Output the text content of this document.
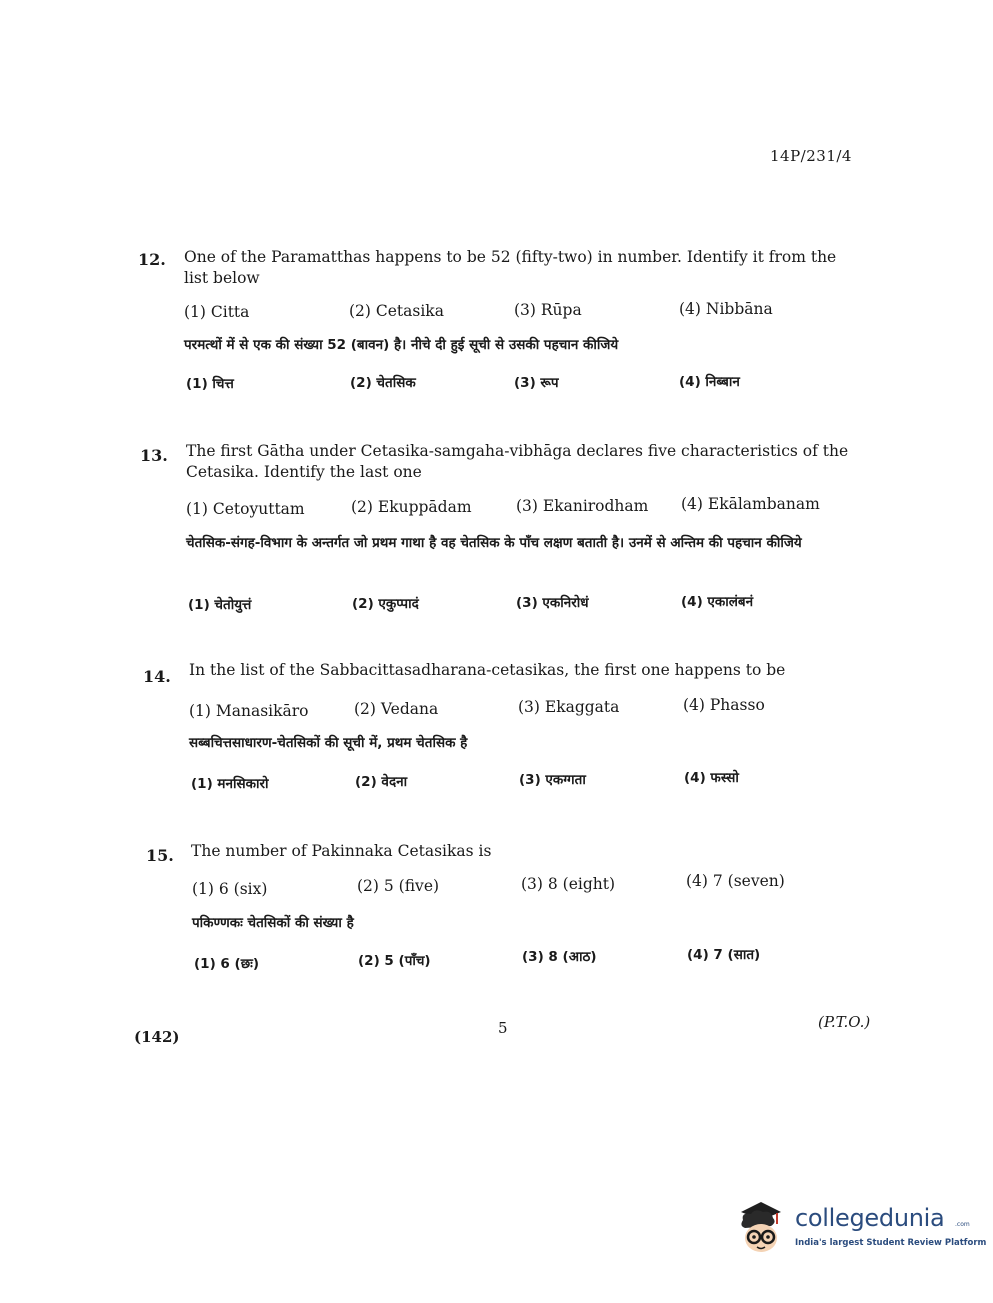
14P/231/4
12. One of the Paramatthas happens to be 52 (fifty-two) in number. Identify it from the list below
(1) Citta	(2) Cetasika	(3) Rūpa	(4) Nibbāna
परमत्थों में से एक की संख्या 52 (बावन) है। नीचे दी हुई सूची से उसकी पहचान कीजिये
(1) चित्त	(2) चेतसिक	(3) रूप	(4) निब्बान
13. The first Gātha under Cetasika-samgaha-vibhāga declares five characteristics of the Cetasika. Identify the last one
(1) Cetoyuttam	(2) Ekuppādam	(3) Ekanirodham (4) Ekālambanam
चेतसिक-संगह-विभाग के अन्तर्गत जो प्रथम गाथा है वह चेतसिक के पाँच लक्षण बताती है। उनमें से अन्तिम की पहचान कीजिये
(1) चेतोयुत्तं	(2) एकुप्पादं	(3) एकनिरोधं	(4) एकालंबनं
14. In the list of the Sabbacittasadharana-cetasikas, the first one happens to be
(1) Manasikāro	(2) Vedana	(3) Ekaggata	(4) Phasso
सब्बचित्तसाधारण-चेतसिकों की सूची में, प्रथम चेतसिक है
(1) मनसिकारो	(2) वेदना	(3) एकग्गता	(4) फस्सो
15. The number of Pakinnaka Cetasikas is
(1) 6 (six)	(2) 5 (five)	(3) 8 (eight)	(4) 7 (seven)
पकिण्णकः चेतसिकों की संख्या है
(1) 6 (छः)	(2) 5 (पाँच)	(3) 8 (आठ)	(4) 7 (सात)
(142)	5	(P.T.O.)
collegedunia .com
India's largest Student Review Platform
